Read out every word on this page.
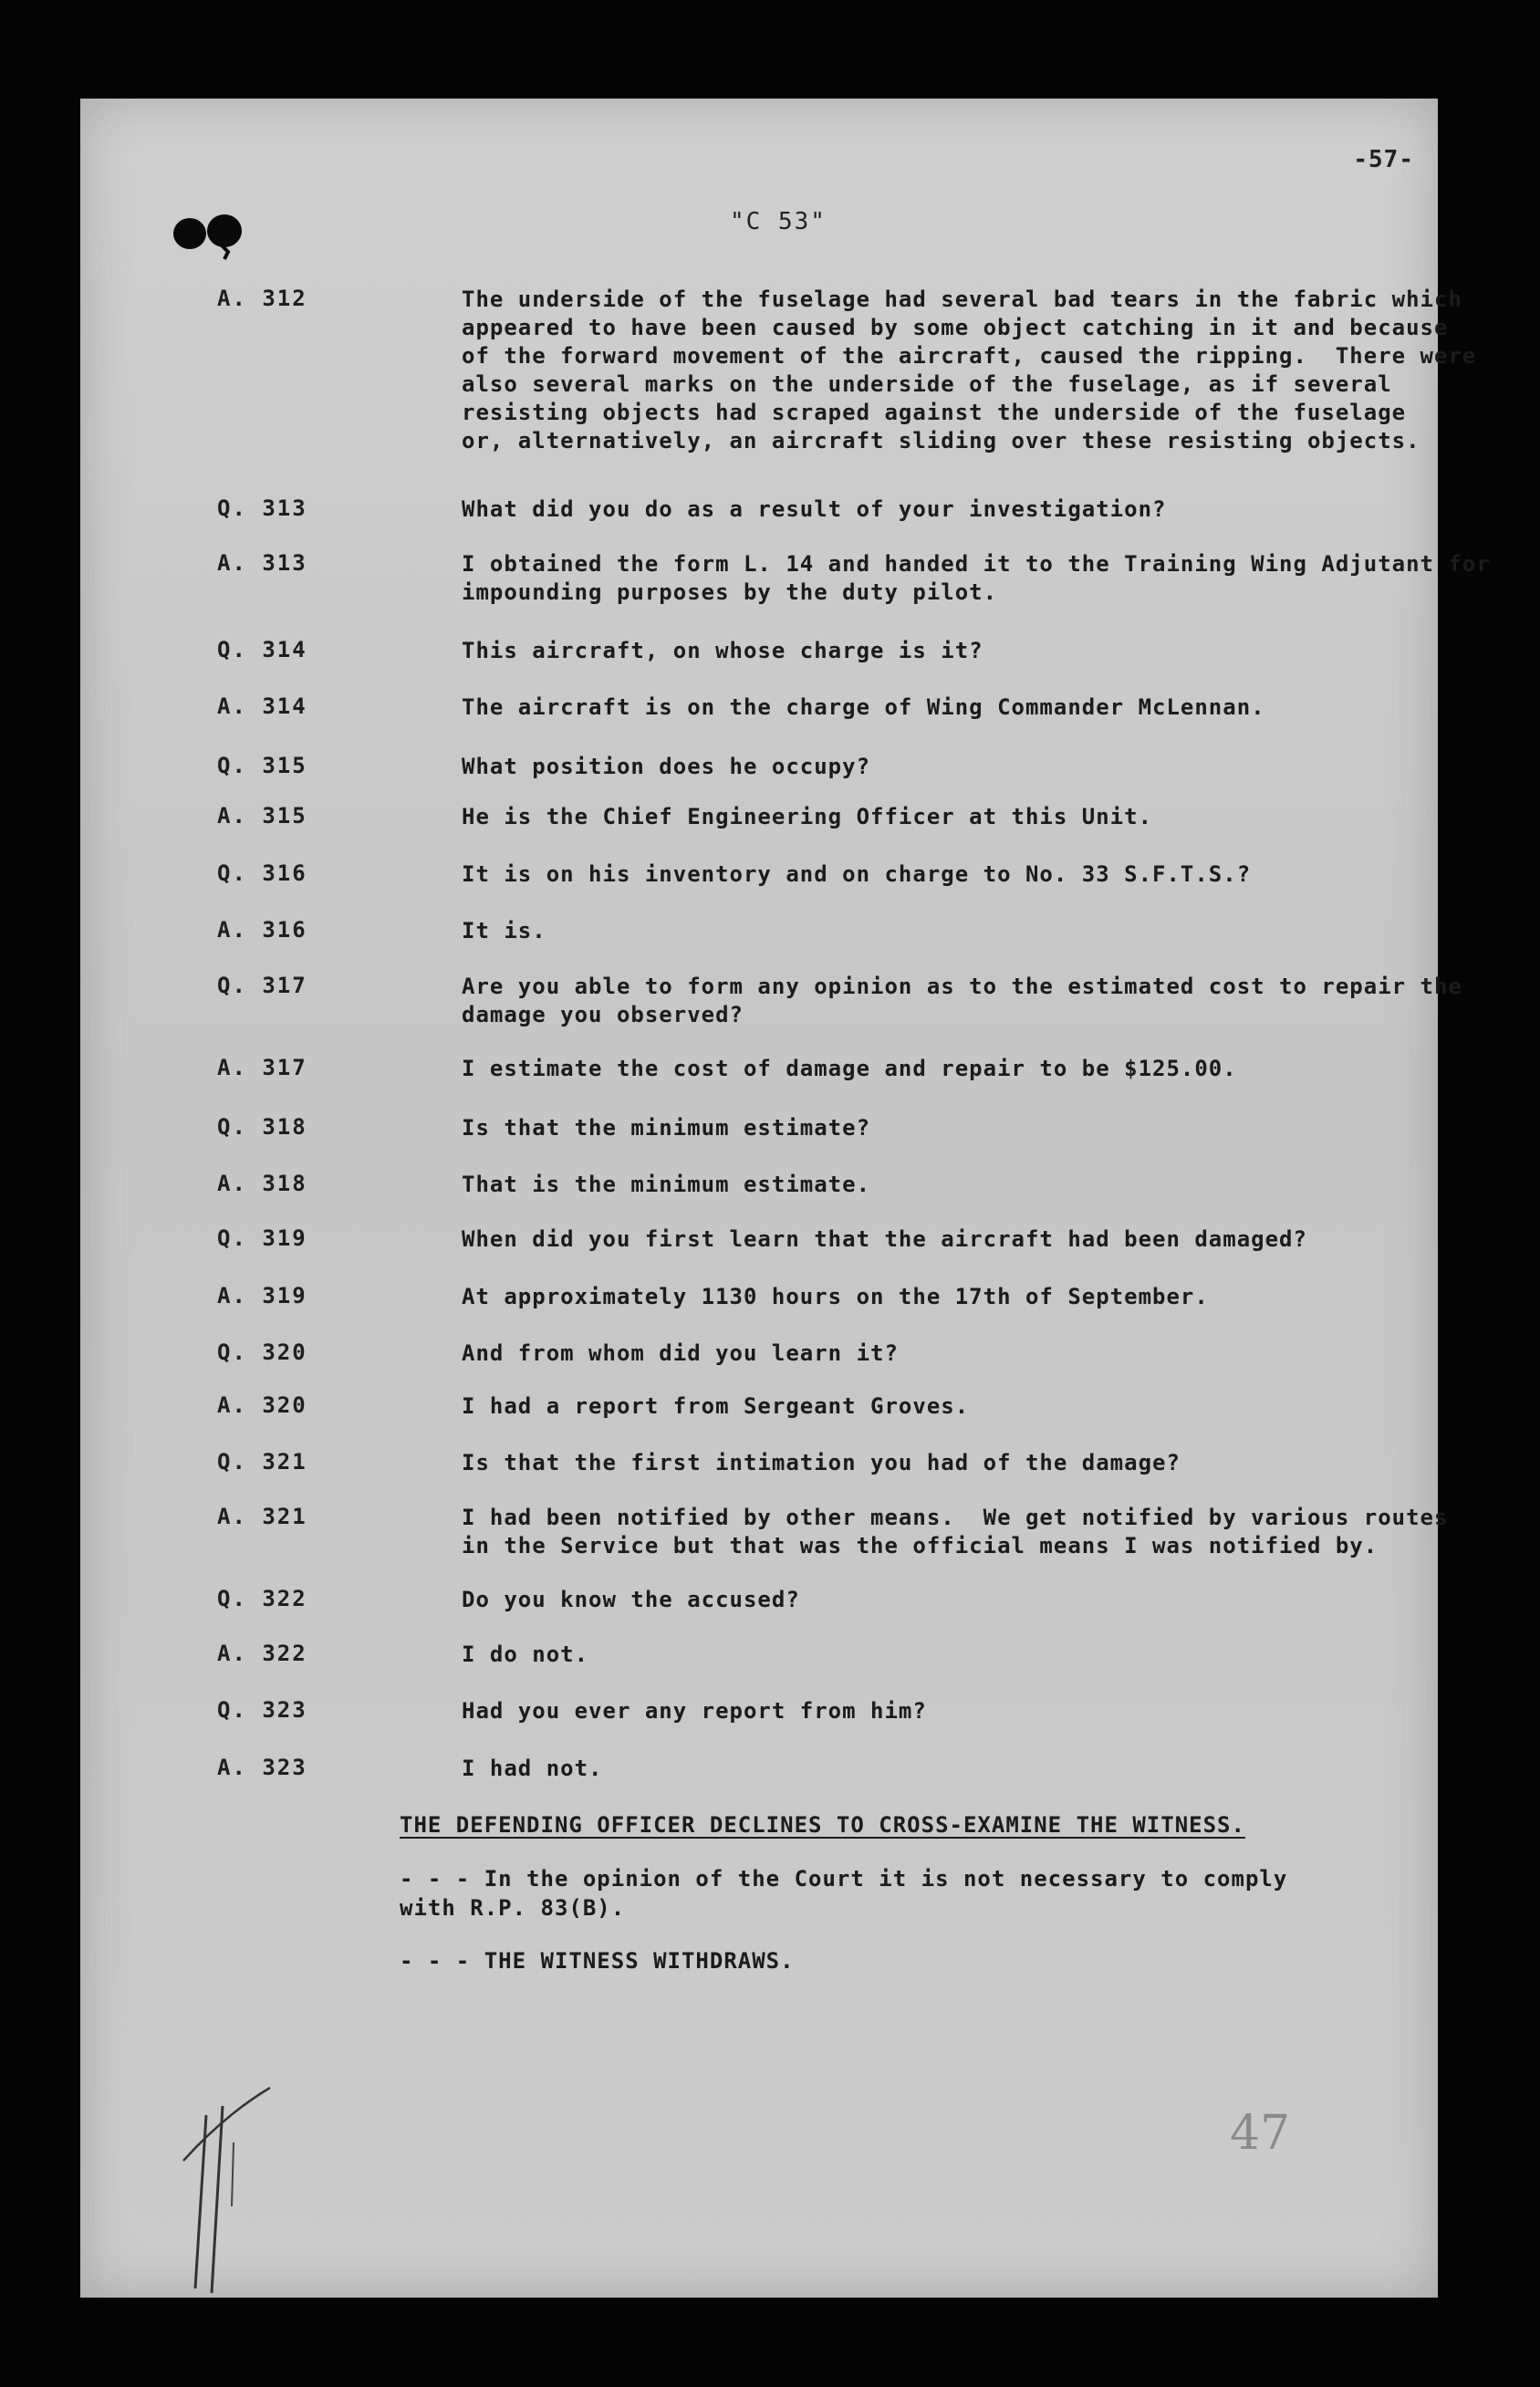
-57-
"C 53"
A. 312	The underside of the fuselage had several bad tears in the fabric which
appeared to have been caused by some object catching in it and because
of the forward movement of the aircraft, caused the ripping.  There were
also several marks on the underside of the fuselage, as if several
resisting objects had scraped against the underside of the fuselage
or, alternatively, an aircraft sliding over these resisting objects.
Q. 313	What did you do as a result of your investigation?
A. 313	I obtained the form L. 14 and handed it to the Training Wing Adjutant for
impounding purposes by the duty pilot.
Q. 314	This aircraft, on whose charge is it?
A. 314	The aircraft is on the charge of Wing Commander McLennan.
Q. 315	What position does he occupy?
A. 315	He is the Chief Engineering Officer at this Unit.
Q. 316	It is on his inventory and on charge to No. 33 S.F.T.S.?
A. 316	It is.
Q. 317	Are you able to form any opinion as to the estimated cost to repair the
damage you observed?
A. 317	I estimate the cost of damage and repair to be $125.00.
Q. 318	Is that the minimum estimate?
A. 318	That is the minimum estimate.
Q. 319	When did you first learn that the aircraft had been damaged?
A. 319	At approximately 1130 hours on the 17th of September.
Q. 320	And from whom did you learn it?
A. 320	I had a report from Sergeant Groves.
Q. 321	Is that the first intimation you had of the damage?
A. 321	I had been notified by other means.  We get notified by various routes
in the Service but that was the official means I was notified by.
Q. 322	Do you know the accused?
A. 322	I do not.
Q. 323	Had you ever any report from him?
A. 323	I had not.
THE DEFENDING OFFICER DECLINES TO CROSS-EXAMINE THE WITNESS.
- - - In the opinion of the Court it is not necessary to comply
with R.P. 83(B).
- - - THE WITNESS WITHDRAWS.
47
